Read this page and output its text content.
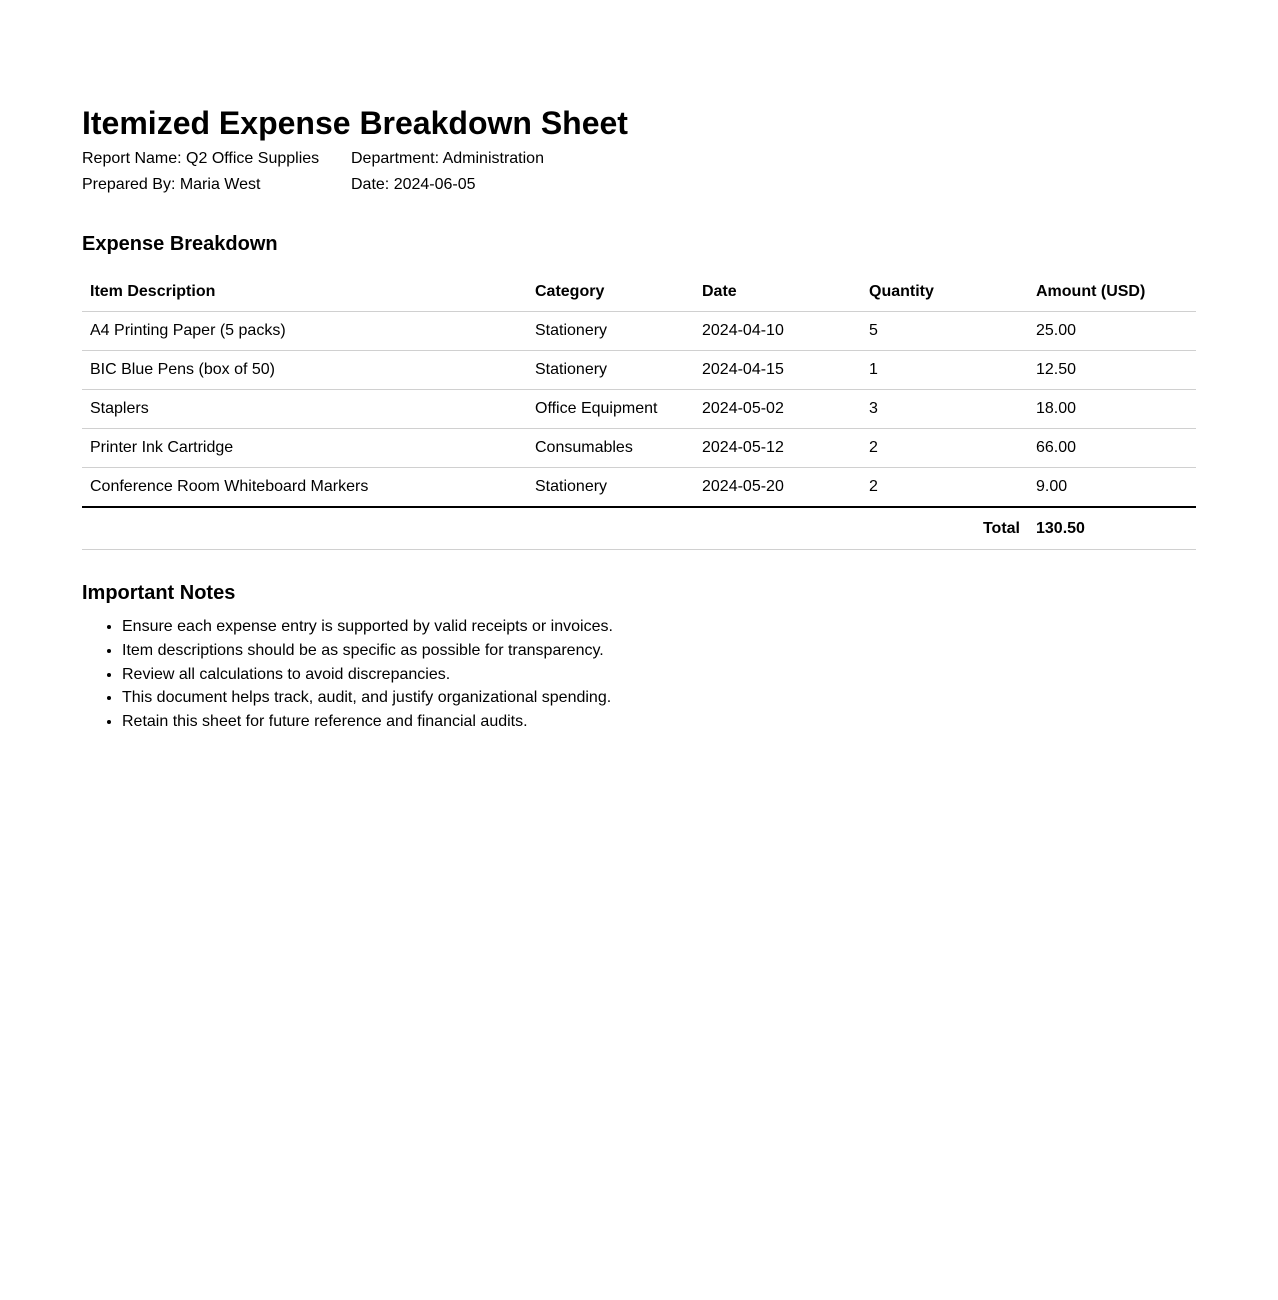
Itemized Expense Breakdown Sheet
Report Name: Q2 Office Supplies	Department: Administration
Prepared By: Maria West	Date: 2024-06-05
Expense Breakdown
Item Description	Category	Date	Quantity	Amount (USD)
A4 Printing Paper (5 packs)	Stationery	2024-04-10	5	25.00
BIC Blue Pens (box of 50)	Stationery	2024-04-15	1	12.50
Staplers	Office Equipment	2024-05-02	3	18.00
Printer Ink Cartridge	Consumables	2024-05-12	2	66.00
Conference Room Whiteboard Markers	Stationery	2024-05-20	2	9.00
Total				130.50
Important Notes
• Ensure each expense entry is supported by valid receipts or invoices.
• Item descriptions should be as specific as possible for transparency.
• Review all calculations to avoid discrepancies.
• This document helps track, audit, and justify organizational spending.
• Retain this sheet for future reference and financial audits.
